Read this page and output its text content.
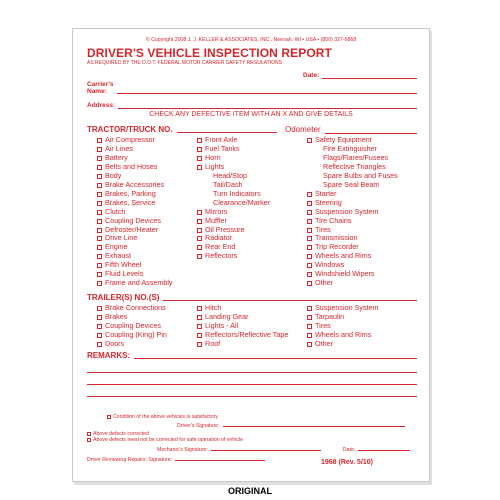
© Copyright 2008 J. J. KELLER & ASSOCIATES, INC., Neenah, WI • USA • (800) 327-6868
DRIVER'S VEHICLE INSPECTION REPORT
AS REQUIRED BY THE D.O.T. FEDERAL MOTOR CARRIER SAFETY REGULATIONS
Date:
Carrier's
Name:
Address:
CHECK ANY DEFECTIVE ITEM WITH AN X AND GIVE DETAILS
TRACTOR/TRUCK NO.	Odometer
Air Compressor
Air Lines
Battery
Belts and Hoses
Body
Brake Accessories
Brakes, Parking
Brakes, Service
Clutch
Coupling Devices
Defroster/Heater
Drive Line
Engine
Exhaust
Fifth Wheel
Fluid Levels
Frame and Assembly
Front Axle
Fuel Tanks
Horn
Lights
Head/Stop
Tail/Dash
Turn Indicators
Clearance/Marker
Mirrors
Muffler
Oil Pressure
Radiator
Rear End
Reflectors
Safety Equipment
Fire Extinguisher
Flags/Flares/Fusees
Reflective Triangles
Spare Bulbs and Fuses
Spare Seal Beam
Starter
Steering
Suspension System
Tire Chains
Tires
Transmission
Trip Recorder
Wheels and Rims
Windows
Windshield Wipers
Other
TRAILER(S) NO.(S)
Brake Connections
Brakes
Coupling Devices
Coupling (King) Pin
Doors
Hitch
Landing Gear
Lights - All
Reflectors/Reflective Tape
Roof
Suspension System
Tarpaulin
Tires
Wheels and Rims
Other
REMARKS:
Condition of the above vehicles is satisfactory
Driver's Signature:
Above defects corrected
Above defects need not be corrected for safe operation of vehicle
Mechanic's Signature:	Date:
Driver Reviewing Repairs: Signature:	1968 (Rev. 5/10)
ORIGINAL
